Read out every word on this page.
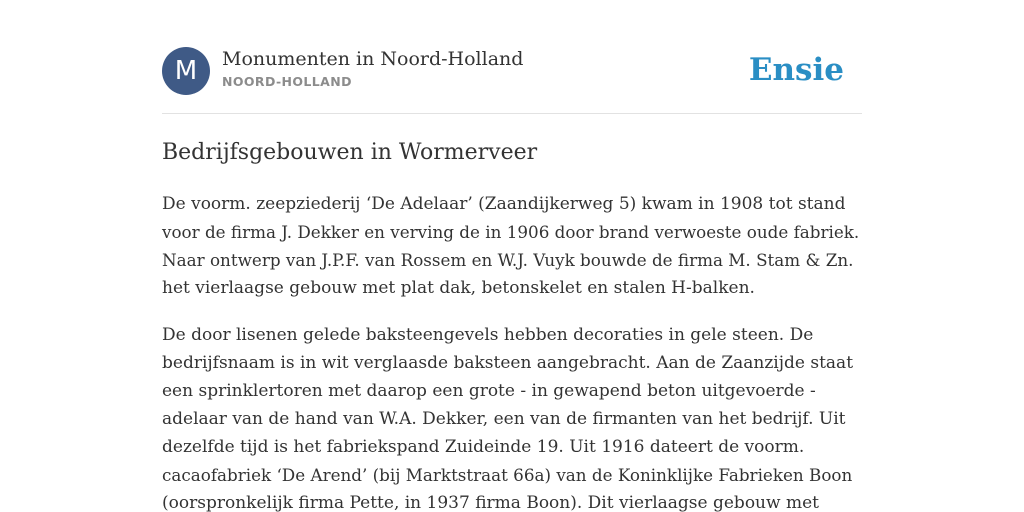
M	Monumenten in Noord-Holland
NOORD-HOLLAND	Ensie
Bedrijfsgebouwen in Wormerveer

De voorm. zeepziederij ‘De Adelaar’ (Zaandijkerweg 5) kwam in 1908 tot stand
voor de firma J. Dekker en verving de in 1906 door brand verwoeste oude fabriek.
Naar ontwerp van J.P.F. van Rossem en W.J. Vuyk bouwde de firma M. Stam & Zn.
het vierlaagse gebouw met plat dak, betonskelet en stalen H-balken.

De door lisenen gelede baksteengevels hebben decoraties in gele steen. De
bedrijfsnaam is in wit verglaasde baksteen aangebracht. Aan de Zaanzijde staat
een sprinklertoren met daarop een grote - in gewapend beton uitgevoerde -
adelaar van de hand van W.A. Dekker, een van de firmanten van het bedrijf. Uit
dezelfde tijd is het fabriekspand Zuideinde 19. Uit 1916 dateert de voorm.
cacaofabriek ‘De Arend’ (bij Marktstraat 66a) van de Koninklijke Fabrieken Boon
(oorspronkelijk firma Pette, in 1937 firma Boon). Dit vierlaagse gebouw met
